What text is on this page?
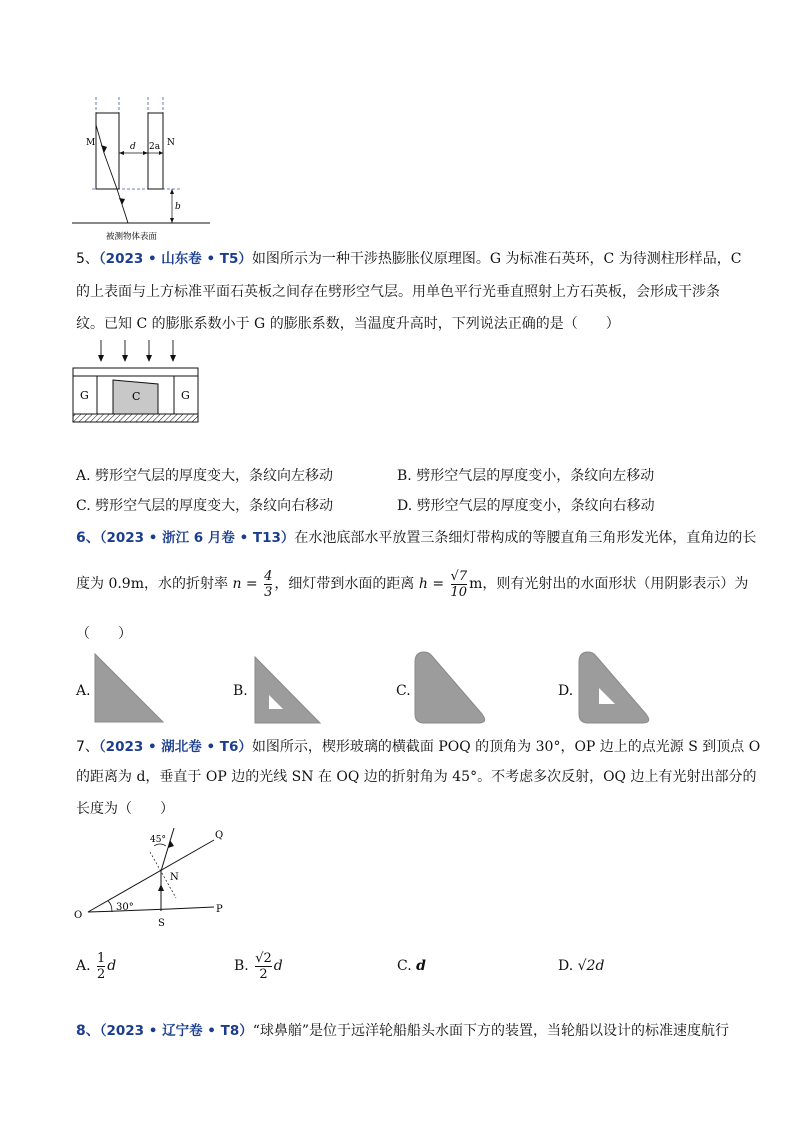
M	N
d 2a
b
被测物体表面
5、（2023 • 山东卷 • T5）如图所示为一种干涉热膨胀仪原理图。G 为标准石英环，C 为待测柱形样品，C
的上表面与上方标准平面石英板之间存在劈形空气层。用单色平行光垂直照射上方石英板，会形成干涉条
纹。已知 C 的膨胀系数小于 G 的膨胀系数，当温度升高时，下列说法正确的是（　　）
G	C	G
A. 劈形空气层的厚度变大，条纹向左移动	B. 劈形空气层的厚度变小，条纹向左移动
C. 劈形空气层的厚度变大，条纹向右移动	D. 劈形空气层的厚度变小，条纹向右移动
6、（2023 • 浙江 6 月卷 • T13）在水池底部水平放置三条细灯带构成的等腰直角三角形发光体，直角边的长
度为 0.9m，水的折射率 $n = \frac{4}{3}$ ，细灯带到水面的距离 $h = \frac{√7}{10}$ m，则有光射出的水面形状（用阴影表示）为
（　　）
A.	B.	C.	D.
7、（2023 • 湖北卷 • T6）如图所示，楔形玻璃的横截面 POQ 的顶角为 30°，OP 边上的点光源 S 到顶点 O
的距离为 d，垂直于 OP 边的光线 SN 在 OQ 边的折射角为 45°。不考虑多次反射，OQ 边上有光射出部分的
长度为（　　）
45°	Q
N
O
30°	P
S
A. $\frac{1}{2}$ d	B. $\frac{√2}{2}$ d	C. d	D. √2d
8、（2023 • 辽宁卷 • T8）“球鼻艏”是位于远洋轮船船头水面下方的装置，当轮船以设计的标准速度航行
